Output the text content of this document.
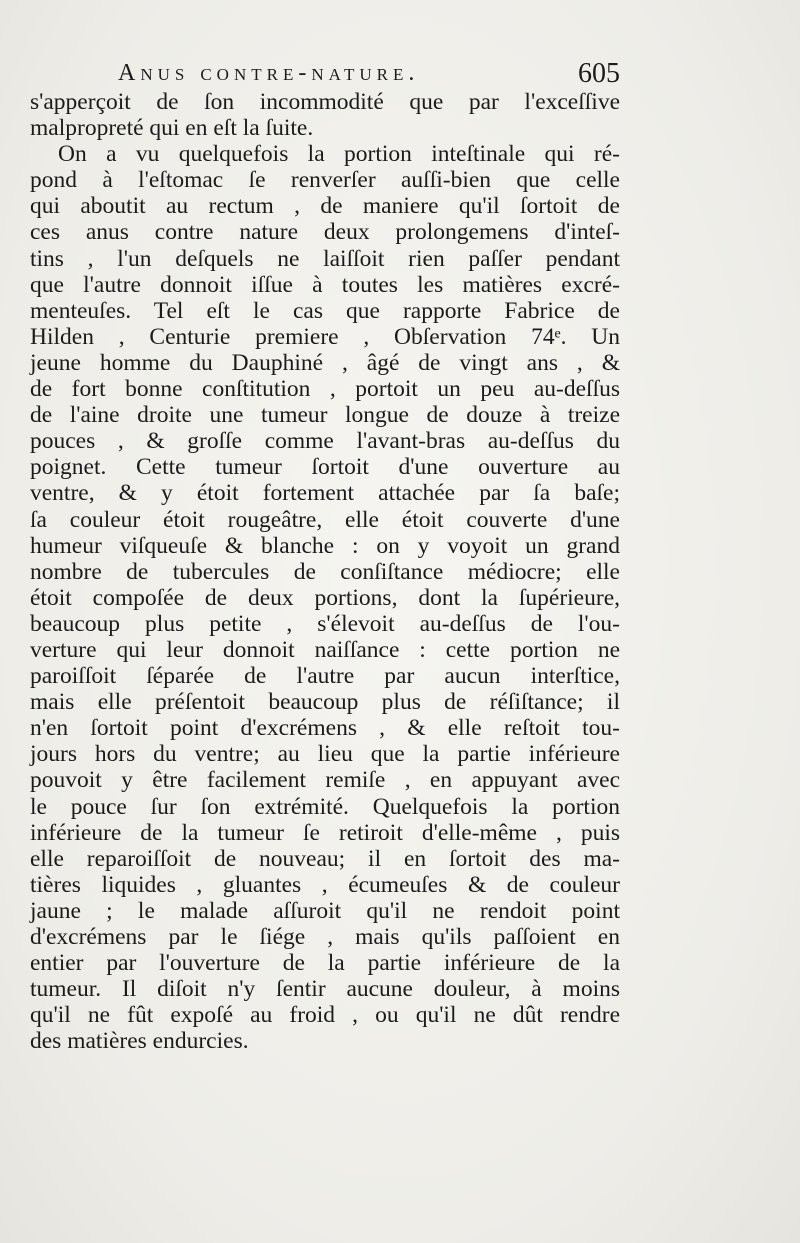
Anus contre-nature.	605
s'apperçoit de ſon incommodité que par l'exceſſive
malpropreté qui en eſt la ſuite.
On a vu quelquefois la portion inteſtinale qui ré-
pond à l'eſtomac ſe renverſer auſſi-bien que celle
qui aboutit au rectum , de maniere qu'il ſortoit de
ces anus contre nature deux prolongemens d'inteſ-
tins , l'un deſquels ne laiſſoit rien paſſer pendant
que l'autre donnoit iſſue à toutes les matières excré-
menteuſes. Tel eſt le cas que rapporte Fabrice de
Hilden , Centurie premiere , Obſervation 74ᵉ. Un
jeune homme du Dauphiné , âgé de vingt ans , &
de fort bonne conſtitution , portoit un peu au-deſſus
de l'aine droite une tumeur longue de douze à treize
pouces , & groſſe comme l'avant-bras au-deſſus du
poignet. Cette tumeur ſortoit d'une ouverture au
ventre, & y étoit fortement attachée par ſa baſe;
ſa couleur étoit rougeâtre, elle étoit couverte d'une
humeur viſqueuſe & blanche : on y voyoit un grand
nombre de tubercules de conſiſtance médiocre; elle
étoit compoſée de deux portions, dont la ſupérieure,
beaucoup plus petite , s'élevoit au-deſſus de l'ou-
verture qui leur donnoit naiſſance : cette portion ne
paroiſſoit ſéparée de l'autre par aucun interſtice,
mais elle préſentoit beaucoup plus de réſiſtance; il
n'en ſortoit point d'excrémens , & elle reſtoit tou-
jours hors du ventre; au lieu que la partie inférieure
pouvoit y être facilement remiſe , en appuyant avec
le pouce ſur ſon extrémité. Quelquefois la portion
inférieure de la tumeur ſe retiroit d'elle-même , puis
elle reparoiſſoit de nouveau; il en ſortoit des ma-
tières liquides , gluantes , écumeuſes & de couleur
jaune ; le malade aſſuroit qu'il ne rendoit point
d'excrémens par le ſiége , mais qu'ils paſſoient en
entier par l'ouverture de la partie inférieure de la
tumeur. Il diſoit n'y ſentir aucune douleur, à moins
qu'il ne fût expoſé au froid , ou qu'il ne dût rendre
des matières endurcies.
